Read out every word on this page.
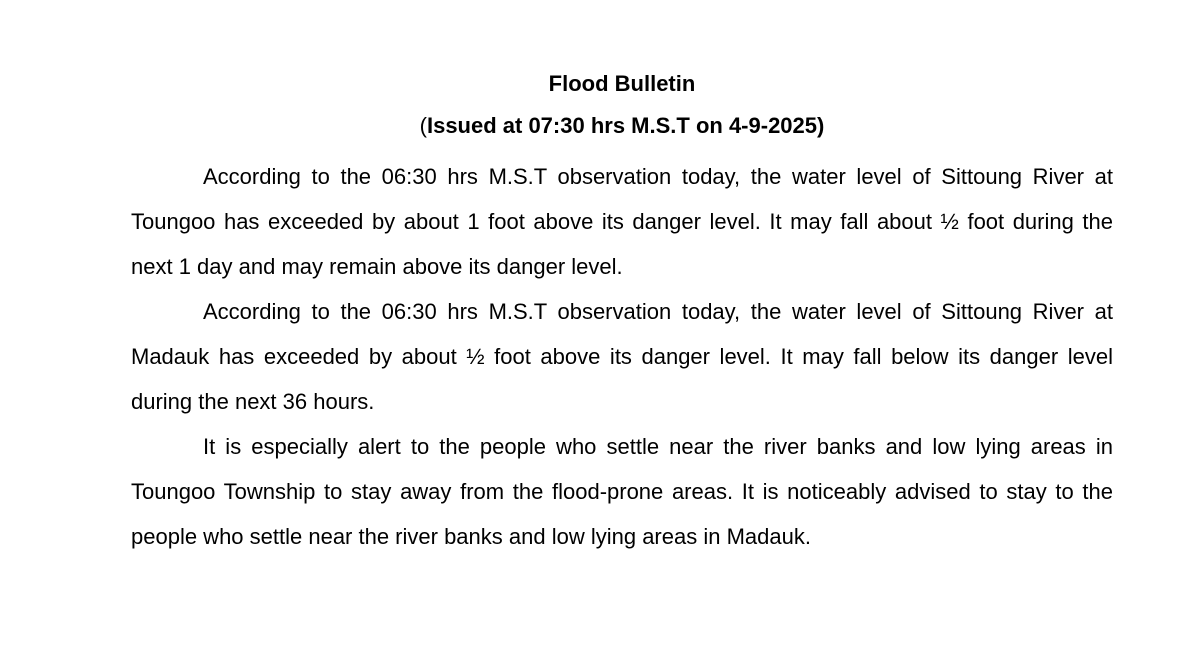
Flood Bulletin

(Issued at 07:30 hrs M.S.T on 4-9-2025)

According to the 06:30 hrs M.S.T observation today, the water level of Sittoung River at Toungoo has exceeded by about 1 foot above its danger level. It may fall about ½ foot during the next 1 day and may remain above its danger level.

According to the 06:30 hrs M.S.T observation today, the water level of Sittoung River at Madauk has exceeded by about ½ foot above its danger level. It may fall below its danger level during the next 36 hours.

It is especially alert to the people who settle near the river banks and low lying areas in Toungoo Township to stay away from the flood-prone areas. It is noticeably advised to stay to the people who settle near the river banks and low lying areas in Madauk.
